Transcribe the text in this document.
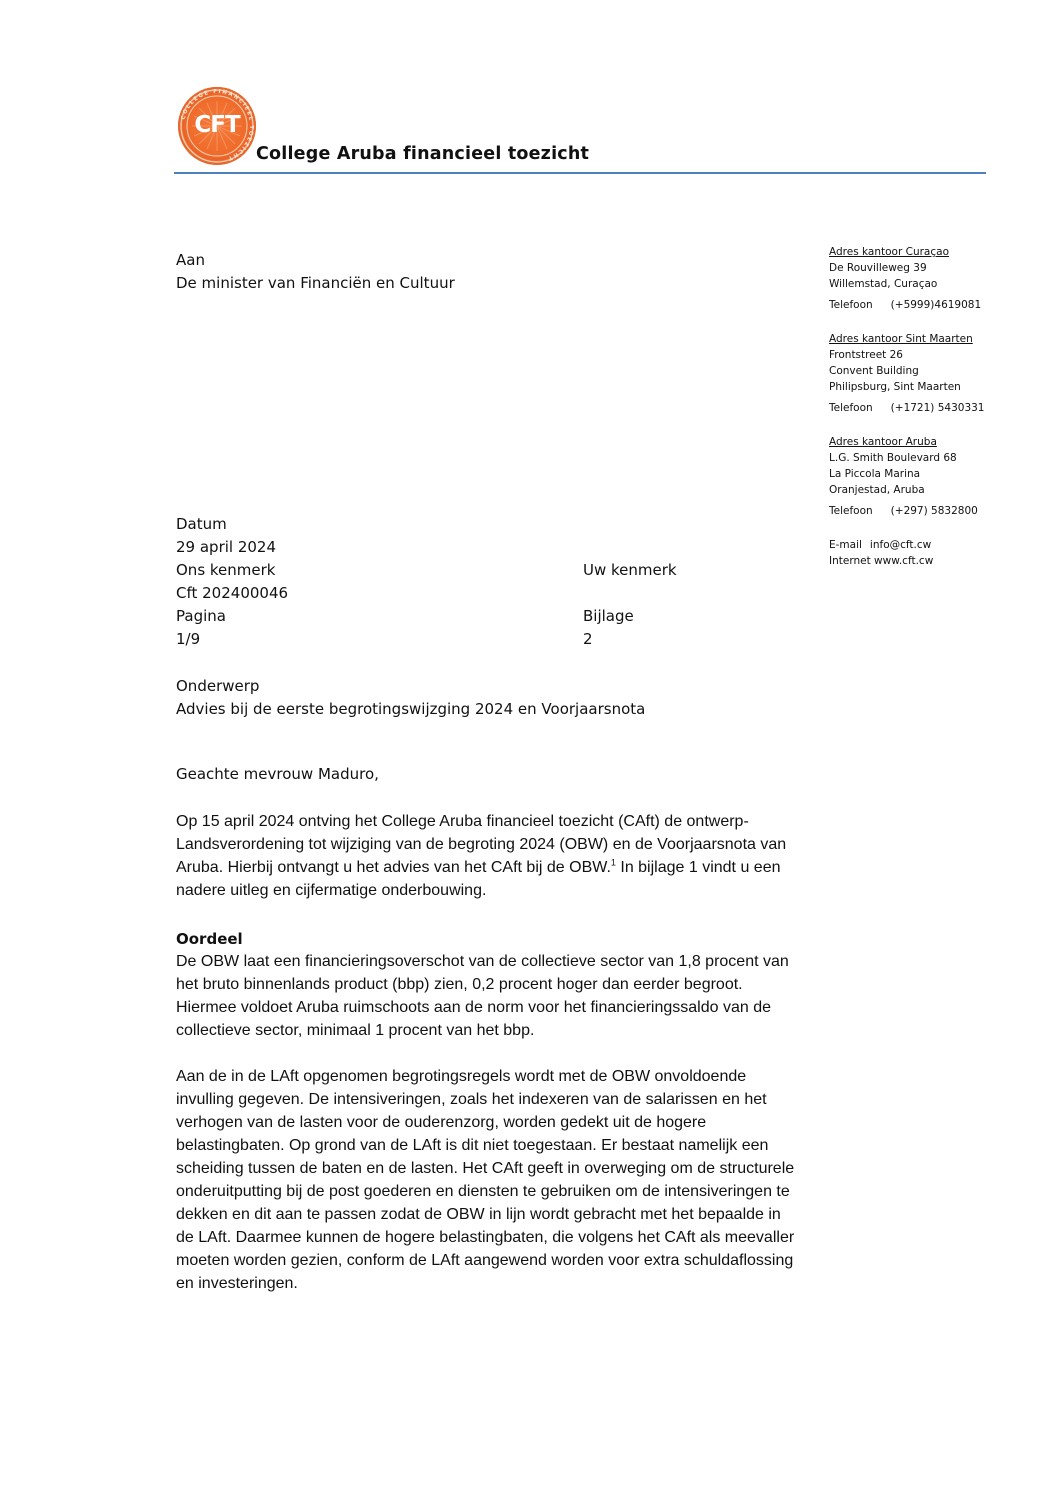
COLLEGE FINANCIEEL TOEZICHT
CFT
College Aruba financieel toezicht
Aan
De minister van Financiën en Cultuur
Adres kantoor Curaçao
De Rouvilleweg 39
Willemstad, Curaçao
Telefoon (+5999)4619081
Adres kantoor Sint Maarten
Frontstreet 26
Convent Building
Philipsburg, Sint Maarten
Telefoon (+1721) 5430331
Adres kantoor Aruba
L.G. Smith Boulevard 68
La Piccola Marina
Oranjestad, Aruba
Telefoon (+297) 5832800
E-mail info@cft.cw
Internet www.cft.cw
Datum
29 april 2024
Ons kenmerk	Uw kenmerk
Cft 202400046
Pagina	Bijlage
1/9	2
Onderwerp
Advies bij de eerste begrotingswijzging 2024 en Voorjaarsnota
Geachte mevrouw Maduro,
Op 15 april 2024 ontving het College Aruba financieel toezicht (CAft) de ontwerp-
Landsverordening tot wijziging van de begroting 2024 (OBW) en de Voorjaarsnota van
Aruba. Hierbij ontvangt u het advies van het CAft bij de OBW.$^1$ In bijlage 1 vindt u een
nadere uitleg en cijfermatige onderbouwing.
Oordeel
De OBW laat een financieringsoverschot van de collectieve sector van 1,8 procent van
het bruto binnenlands product (bbp) zien, 0,2 procent hoger dan eerder begroot.
Hiermee voldoet Aruba ruimschoots aan de norm voor het financieringssaldo van de
collectieve sector, minimaal 1 procent van het bbp.
Aan de in de LAft opgenomen begrotingsregels wordt met de OBW onvoldoende
invulling gegeven. De intensiveringen, zoals het indexeren van de salarissen en het
verhogen van de lasten voor de ouderenzorg, worden gedekt uit de hogere
belastingbaten. Op grond van de LAft is dit niet toegestaan. Er bestaat namelijk een
scheiding tussen de baten en de lasten. Het CAft geeft in overweging om de structurele
onderuitputting bij de post goederen en diensten te gebruiken om de intensiveringen te
dekken en dit aan te passen zodat de OBW in lijn wordt gebracht met het bepaalde in
de LAft. Daarmee kunnen de hogere belastingbaten, die volgens het CAft als meevaller
moeten worden gezien, conform de LAft aangewend worden voor extra schuldaflossing
en investeringen.
